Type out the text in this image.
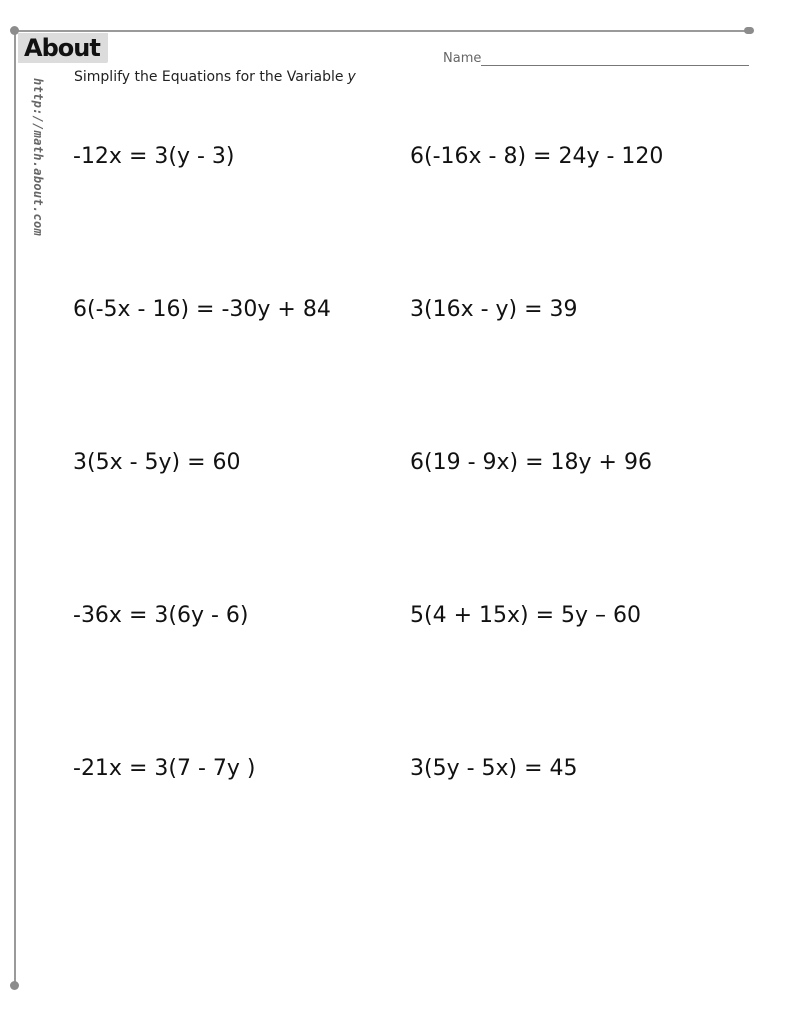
About
http://math.about.com
Name
Simplify the Equations for the Variable y
-12x = 3(y - 3)	6(-16x - 8) = 24y - 120
6(-5x - 16) = -30y + 84	3(16x - y) = 39
3(5x - 5y) = 60	6(19 - 9x) = 18y + 96
-36x = 3(6y - 6)	5(4 + 15x) = 5y – 60
-21x = 3(7 - 7y )	3(5y - 5x) = 45
